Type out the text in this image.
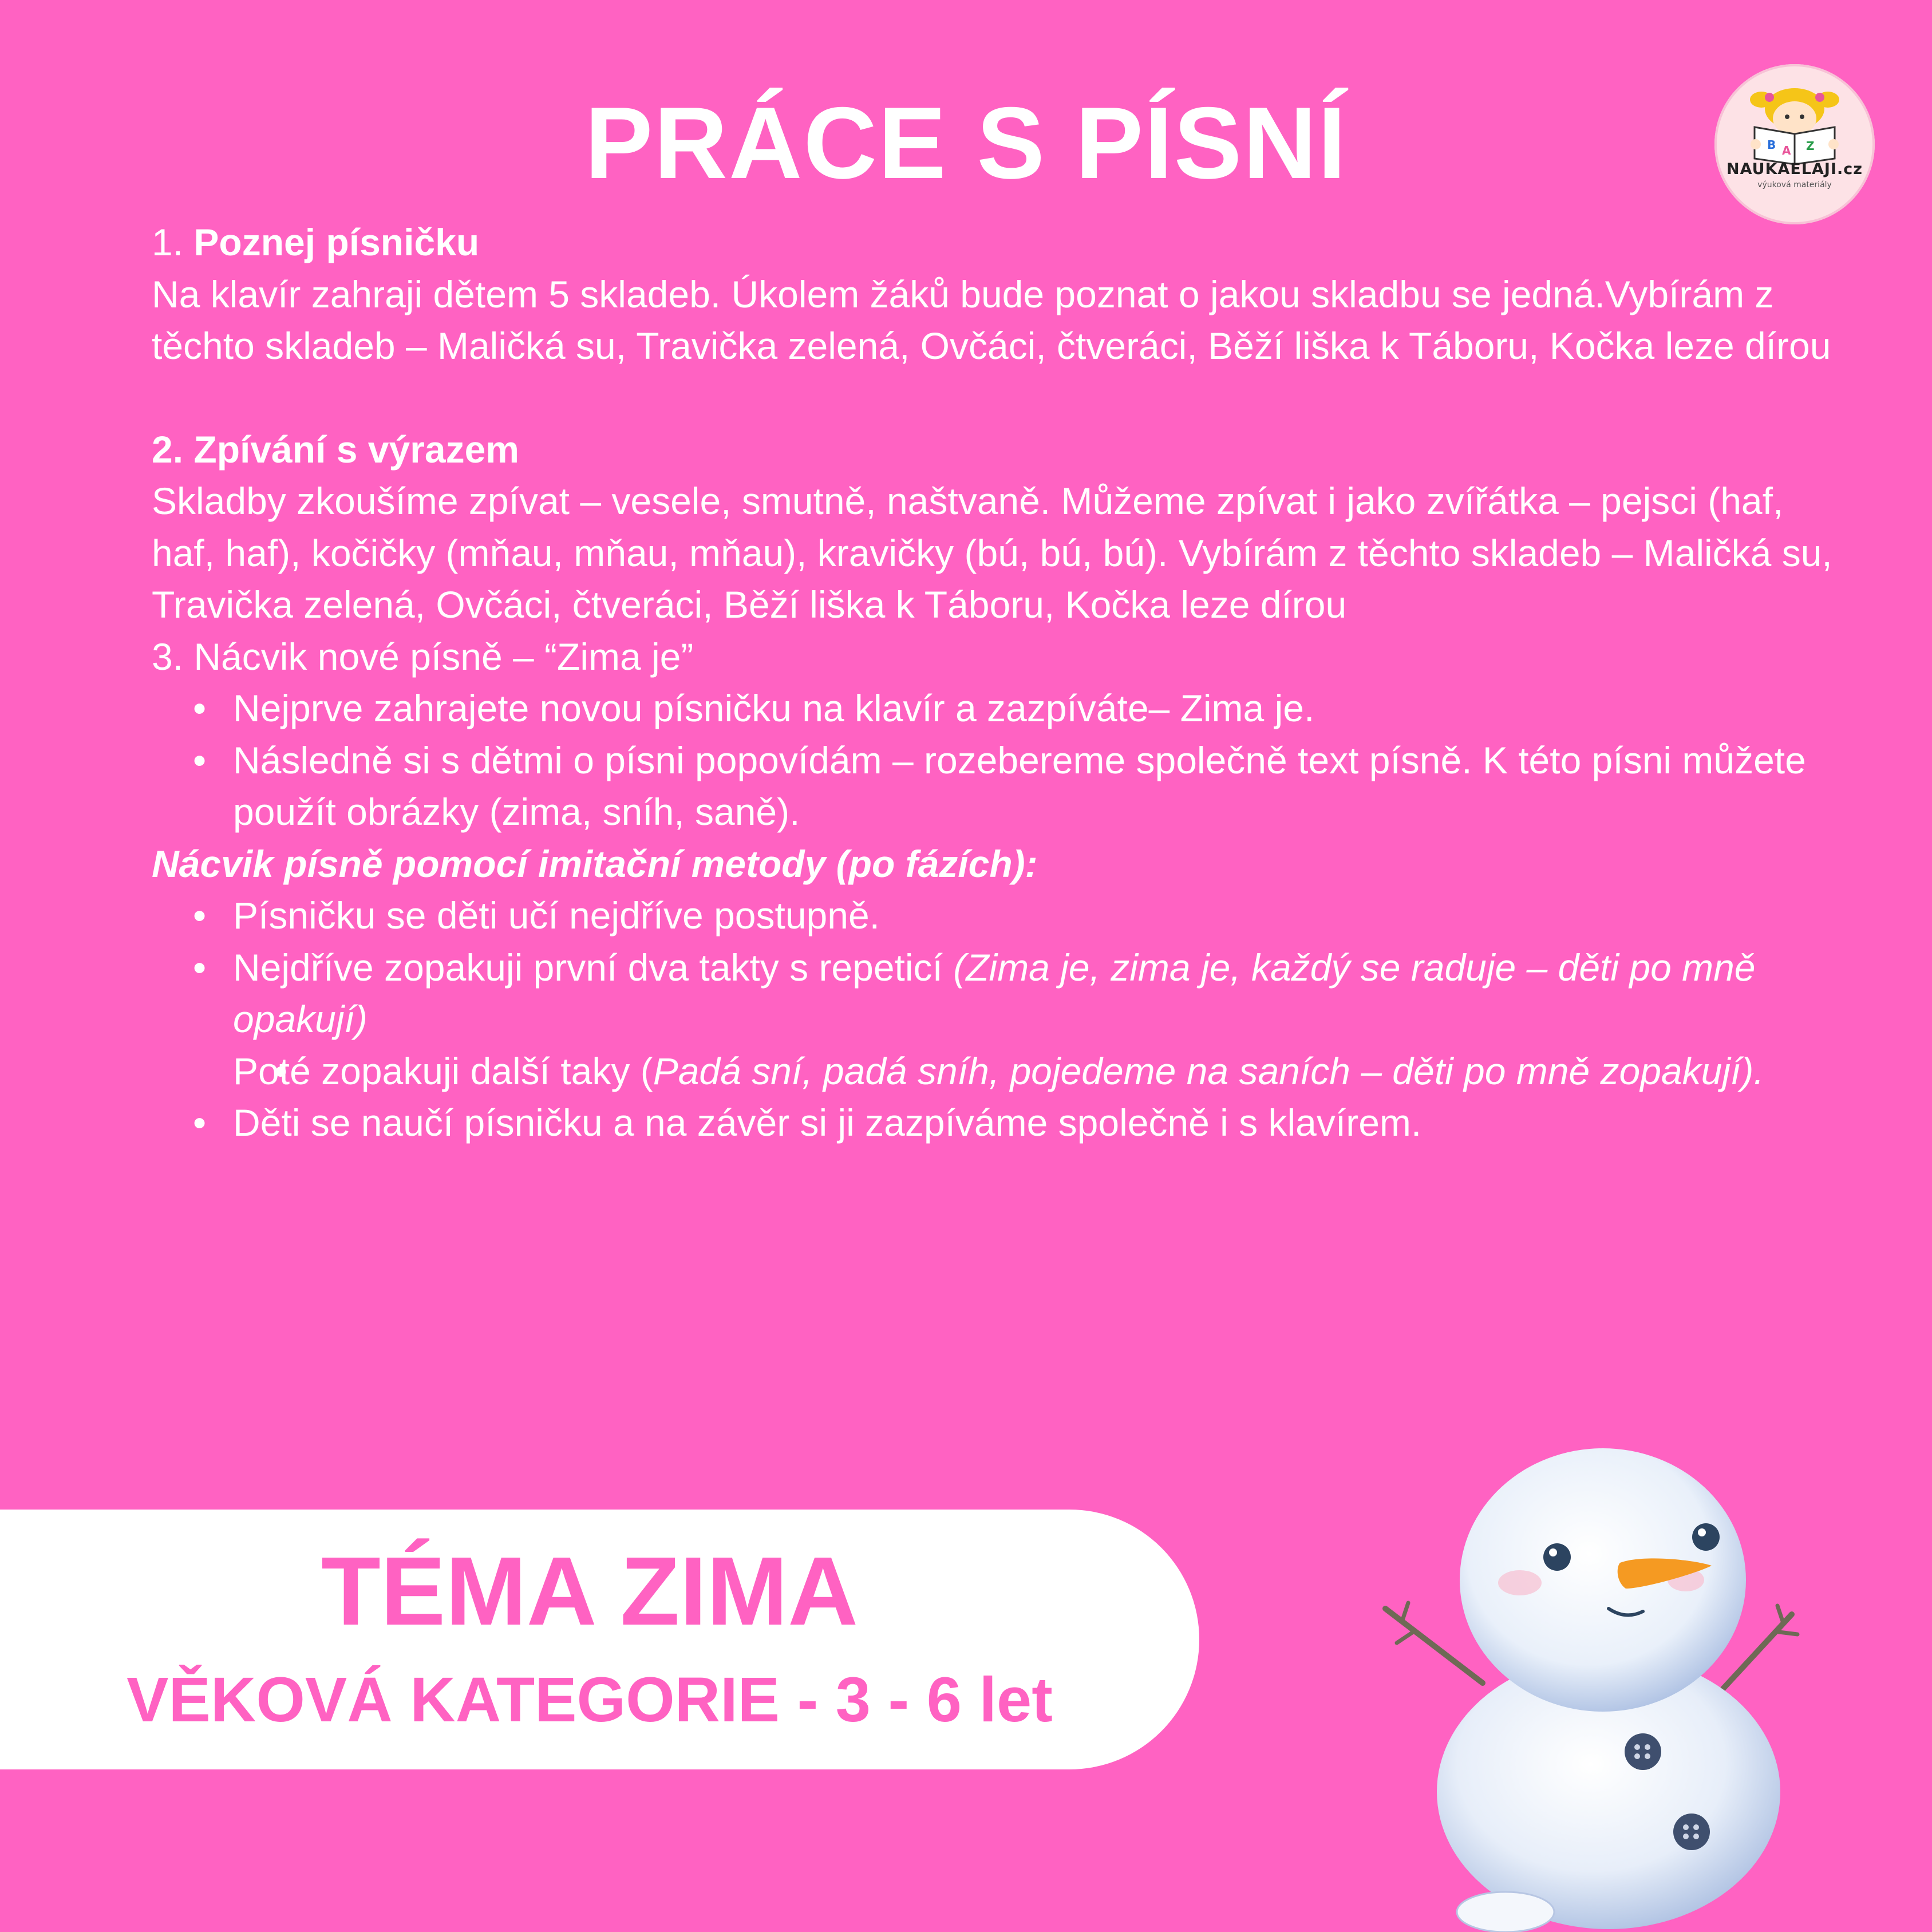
PRÁCE S PÍSNÍ	B A Z
NAUKAELAJI.cz
výuková materiály

1. Poznej písničku

Na klavír zahraji dětem 5 skladeb. Úkolem žáků bude poznat o jakou skladbu se jedná.Vybírám z těchto skladeb – Maličká su, Travička zelená, Ovčáci, čtveráci, Běží liška k Táboru, Kočka leze dírou

2. Zpívání s výrazem

Skladby zkoušíme zpívat – vesele, smutně, naštvaně. Můžeme zpívat i jako zvířátka – pejsci (haf, haf, haf), kočičky (mňau, mňau, mňau), kravičky (bú, bú, bú). Vybírám z těchto skladeb – Maličká su, Travička zelená, Ovčáci, čtveráci, Běží liška k Táboru, Kočka leze dírou

3. Nácvik nové písně – “Zima je”

• Nejprve zahrajete novou písničku na klavír a zazpíváte– Zima je.

• Následně si s dětmi o písni popovídám – rozebereme společně text písně. K této písni můžete použít obrázky (zima, sníh, saně).

Nácvik písně pomocí imitační metody (po fázích):

• Písničku se děti učí nejdříve postupně.

• Nejdříve zopakuji první dva takty s repeticí (Zima je, zima je, každý se raduje – děti po mně opakují)

• Poté zopakuji další taky (Padá sní, padá sníh, pojedeme na saních – děti po mně zopakují).

• Děti se naučí písničku a na závěr si ji zazpíváme společně i s klavírem.

TÉMA ZIMA
VĚKOVÁ KATEGORIE - 3 - 6 let
